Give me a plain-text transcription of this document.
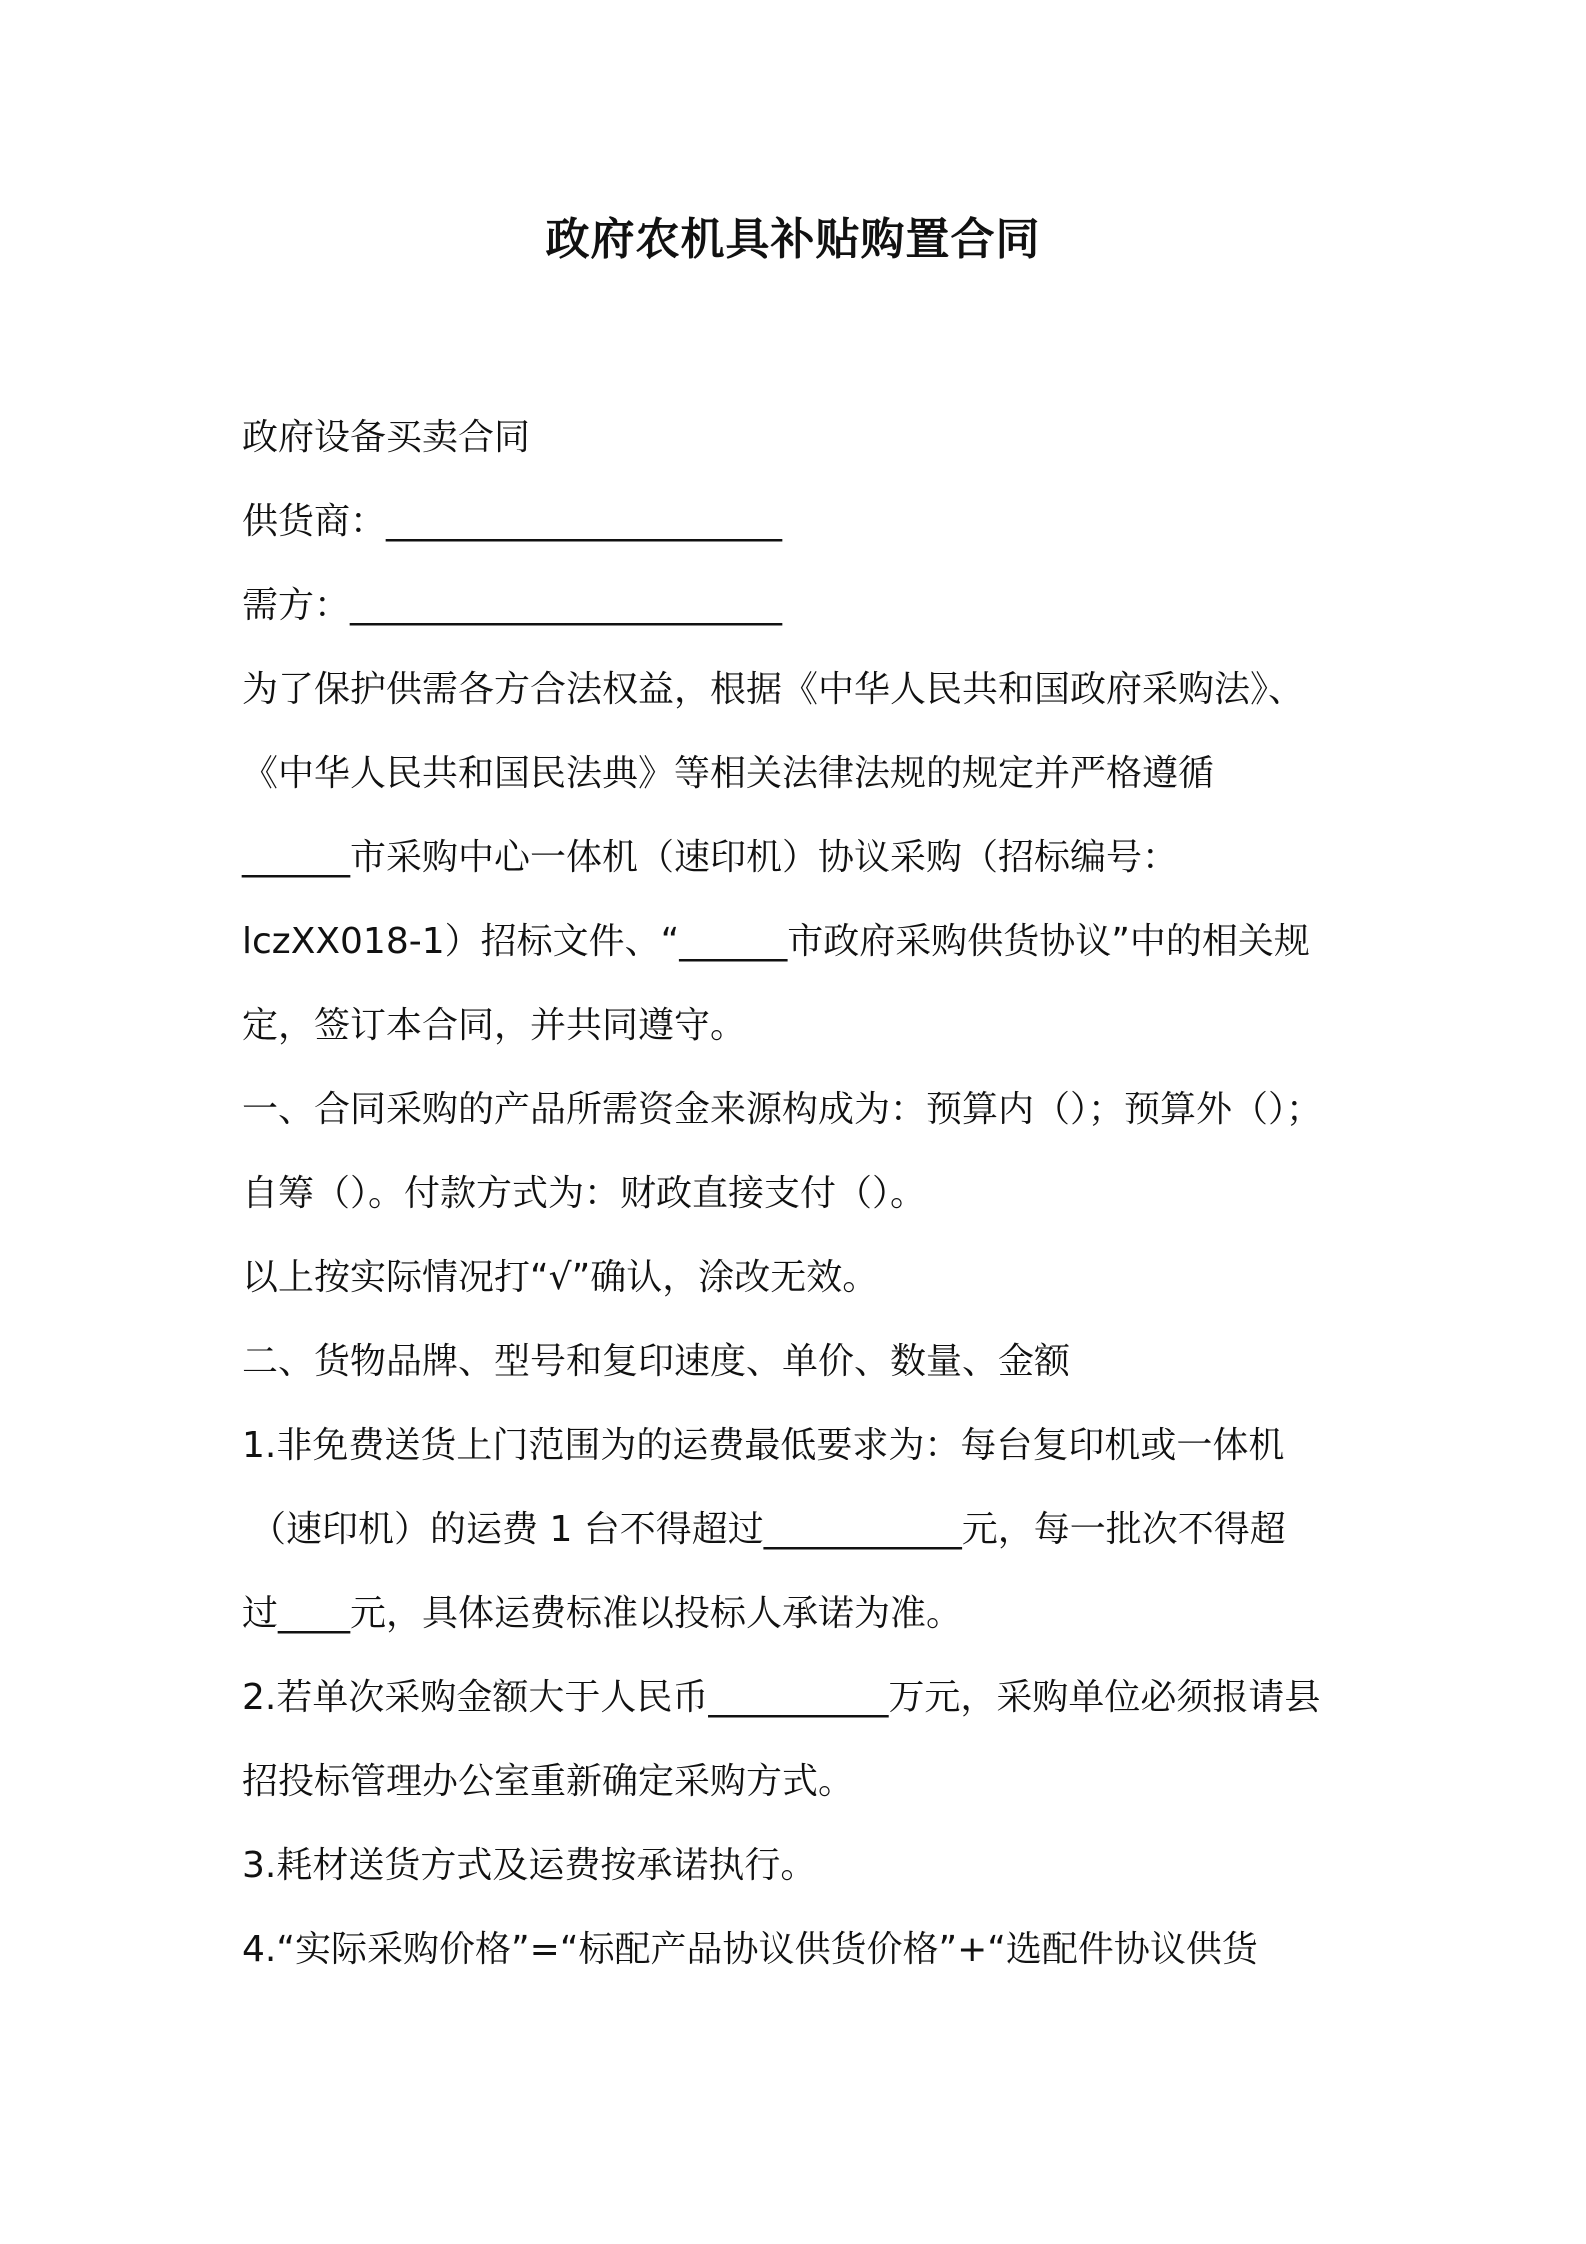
政府农机具补贴购置合同
政府设备买卖合同
供货商：______________________
需方：________________________
为了保护供需各方合法权益，根据《中华人民共和国政府采购法》、
《中华人民共和国民法典》等相关法律法规的规定并严格遵循
______市采购中心一体机（速印机）协议采购（招标编号：
lczXX018-1）招标文件、“______市政府采购供货协议”中的相关规
定，签订本合同，并共同遵守。
一、合同采购的产品所需资金来源构成为：预算内（）；预算外（）；
自筹（）。付款方式为：财政直接支付（）。
以上按实际情况打“√”确认，涂改无效。
二、货物品牌、型号和复印速度、单价、数量、金额
1.非免费送货上门范围为的运费最低要求为：每台复印机或一体机
（速印机）的运费 1 台不得超过___________元，每一批次不得超
过____元，具体运费标准以投标人承诺为准。
2.若单次采购金额大于人民币__________万元，采购单位必须报请县
招投标管理办公室重新确定采购方式。
3.耗材送货方式及运费按承诺执行。
4.“实际采购价格”=“标配产品协议供货价格”+“选配件协议供货
